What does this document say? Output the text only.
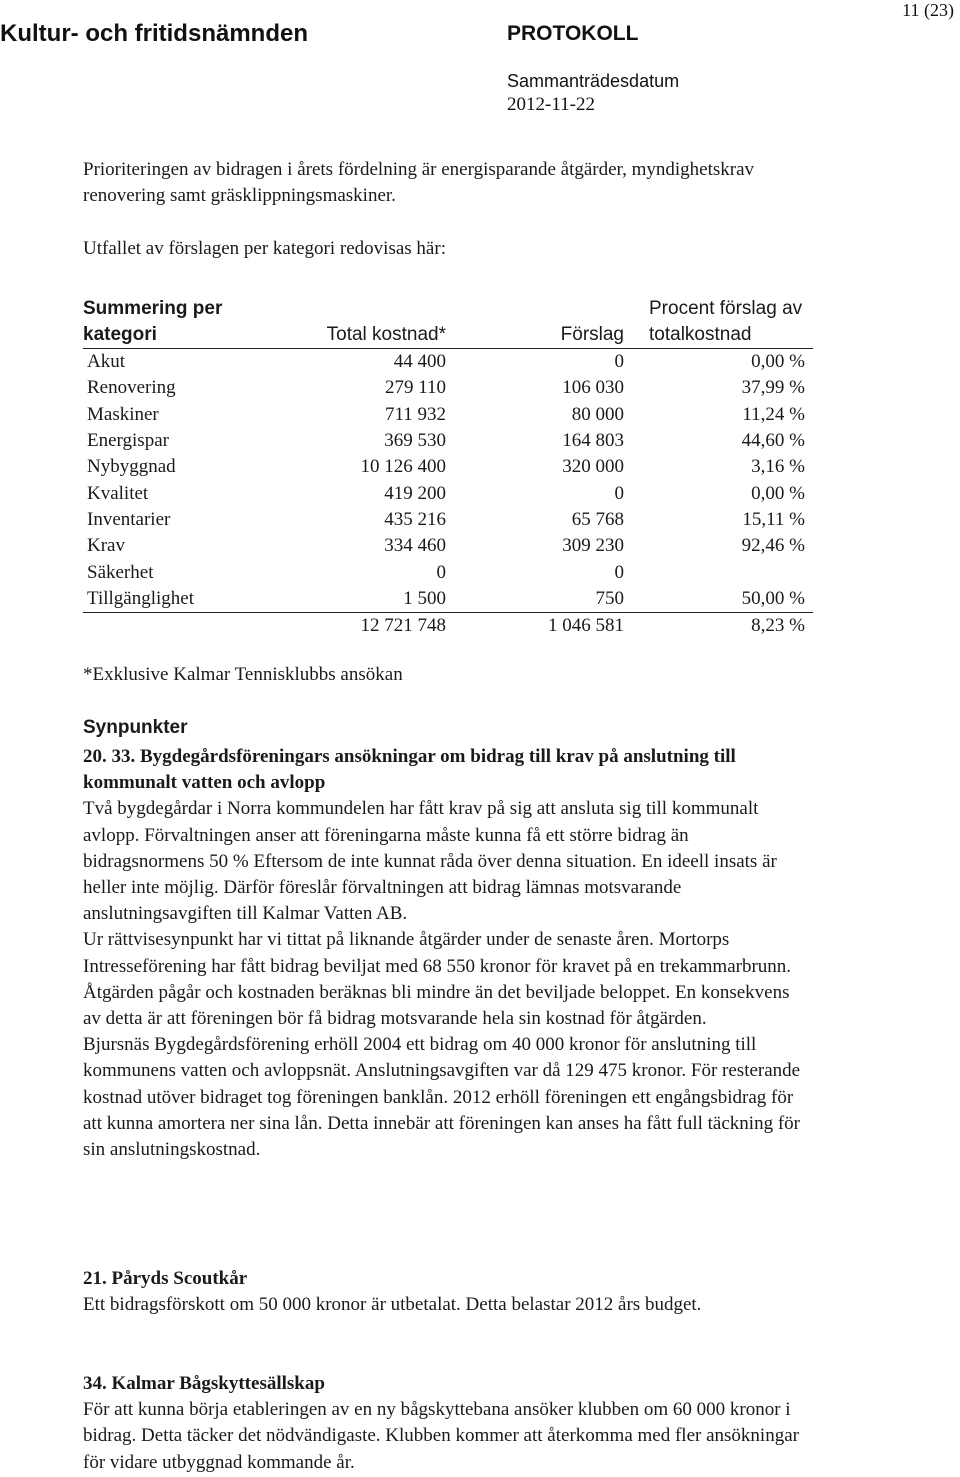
Kultur- och fritidsnämnden	PROTOKOLL
Sammanträdesdatum
2012-11-22
11 (23)
Prioriteringen av bidragen i årets fördelning är energisparande åtgärder, myndighetskrav renovering samt gräsklippningsmaskiner.
Utfallet av förslagen per kategori redovisas här:
Summering per kategori	Total kostnad*	Förslag	Procent förslag av totalkostnad
Akut	44 400	0	0,00 %
Renovering	279 110	106 030	37,99 %
Maskiner	711 932	80 000	11,24 %
Energispar	369 530	164 803	44,60 %
Nybyggnad	10 126 400	320 000	3,16 %
Kvalitet	419 200	0	0,00 %
Inventarier	435 216	65 768	15,11 %
Krav	334 460	309 230	92,46 %
Säkerhet	0	0	
Tillgänglighet	1 500	750	50,00 %
	12 721 748	1 046 581	8,23 %
*Exklusive Kalmar Tennisklubbs ansökan
Synpunkter
20. 33. Bygdegårdsföreningars ansökningar om bidrag till krav på anslutning till kommunalt vatten och avlopp
Två bygdegårdar i Norra kommundelen har fått krav på sig att ansluta sig till kommunalt avlopp. Förvaltningen anser att föreningarna måste kunna få ett större bidrag än bidragsnormens 50 % Eftersom de inte kunnat råda över denna situation. En ideell insats är heller inte möjlig. Därför föreslår förvaltningen att bidrag lämnas motsvarande anslutningsavgiften till Kalmar Vatten AB.
Ur rättvisesynpunkt har vi tittat på liknande åtgärder under de senaste åren. Mortorps Intresseförening har fått bidrag beviljat med 68 550 kronor för kravet på en trekammarbrunn. Åtgärden pågår och kostnaden beräknas bli mindre än det beviljade beloppet. En konsekvens av detta är att föreningen bör få bidrag motsvarande hela sin kostnad för åtgärden.
Bjursnäs Bygdegårdsförening erhöll 2004 ett bidrag om 40 000 kronor för anslutning till kommunens vatten och avloppsnät. Anslutningsavgiften var då 129 475 kronor. För resterande kostnad utöver bidraget tog föreningen banklån. 2012 erhöll föreningen ett engångsbidrag för att kunna amortera ner sina lån. Detta innebär att föreningen kan anses ha fått full täckning för sin anslutningskostnad.
21. Påryds Scoutkår
Ett bidragsförskott om 50 000 kronor är utbetalat. Detta belastar 2012 års budget.
34. Kalmar Bågskyttesällskap
För att kunna börja etableringen av en ny bågskyttebana ansöker klubben om 60 000 kronor i bidrag. Detta täcker det nödvändigaste. Klubben kommer att återkomma med fler ansökningar för vidare utbyggnad kommande år.
